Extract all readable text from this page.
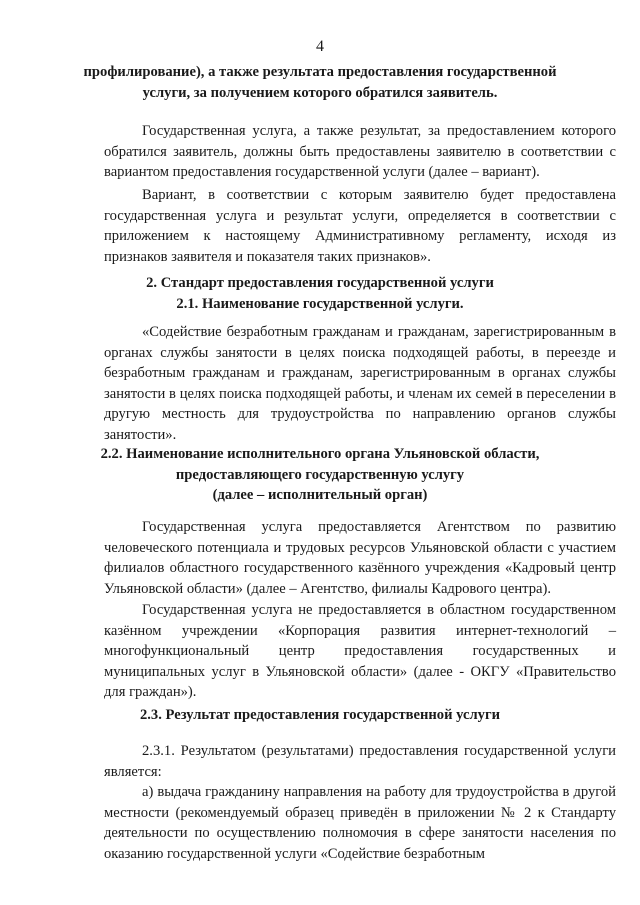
4

профилирование), а также результата предоставления государственной

услуги, за получением которого обратился заявитель.

Государственная услуга, а также результат, за предоставлением которого обратился заявитель, должны быть предоставлены заявителю в соответствии с вариантом предоставления государственной услуги (далее – вариант).
Вариант, в соответствии с которым заявителю будет предоставлена государственная услуга и результат услуги, определяется в соответствии с приложением к настоящему Административному регламенту, исходя из признаков заявителя и показателя таких признаков».

2. Стандарт предоставления государственной услуги

2.1. Наименование государственной услуги.

«Содействие безработным гражданам и гражданам, зарегистрированным в органах службы занятости в целях поиска подходящей работы, в переезде и безработным гражданам и гражданам, зарегистрированным в органах службы занятости в целях поиска подходящей работы, и членам их семей в переселении в другую местность для трудоустройства по направлению органов службы занятости».

2.2. Наименование исполнительного органа Ульяновской области,

предоставляющего государственную услугу

(далее – исполнительный орган)

Государственная услуга предоставляется Агентством по развитию человеческого потенциала и трудовых ресурсов Ульяновской области с участием филиалов областного государственного казённого учреждения «Кадровый центр Ульяновской области» (далее – Агентство, филиалы Кадрового центра).
Государственная услуга не предоставляется в областном государственном казённом учреждении «Корпорация развития интернет-технологий – многофункциональный центр предоставления государственных и муниципальных услуг в Ульяновской области» (далее - ОКГУ «Правительство для граждан»).

2.3. Результат предоставления государственной услуги

2.3.1. Результатом (результатами) предоставления государственной услуги является:
а) выдача гражданину направления на работу для трудоустройства в другой местности (рекомендуемый образец приведён в приложении № 2 к Стандарту деятельности по осуществлению полномочия в сфере занятости населения по оказанию государственной услуги «Содействие безработным
